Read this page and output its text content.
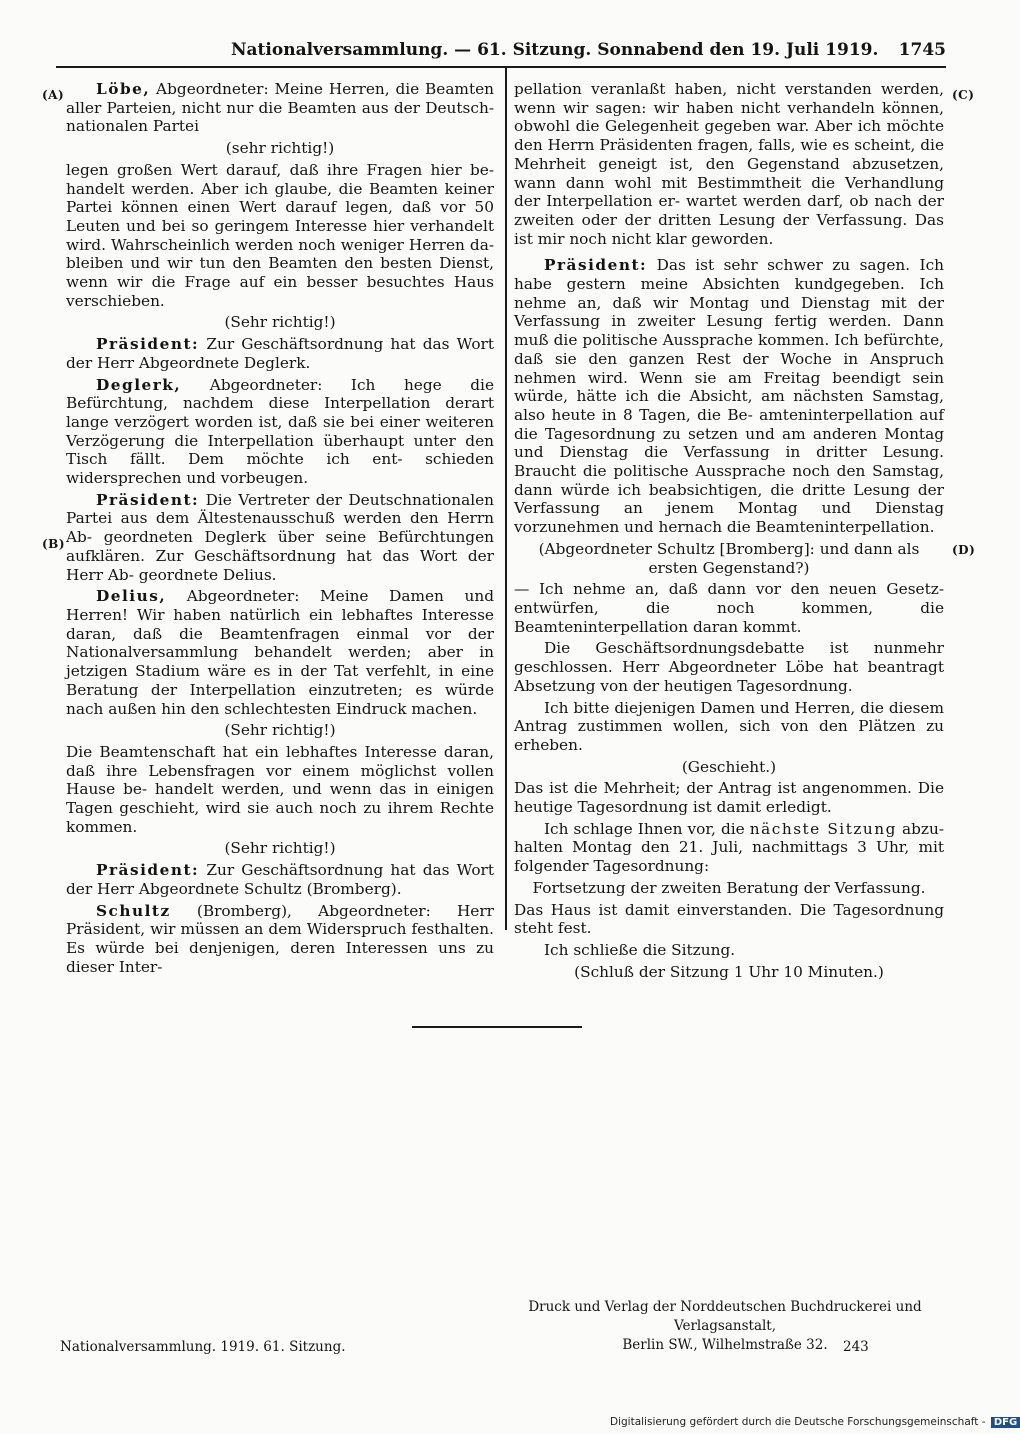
Nationalversammlung. — 61. Sitzung. Sonnabend den 19. Juli 1919. 1745
(A)
(B)
(C)
(D)

Löbe, Abgeordneter: Meine Herren, die Beamten aller Parteien, nicht nur die Beamten aus der Deutsch- nationalen Partei

(sehr richtig!)

legen großen Wert darauf, daß ihre Fragen hier be- handelt werden. Aber ich glaube, die Beamten keiner Partei können einen Wert darauf legen, daß vor 50 Leuten und bei so geringem Interesse hier verhandelt wird. Wahrscheinlich werden noch weniger Herren da- bleiben und wir tun den Beamten den besten Dienst, wenn wir die Frage auf ein besser besuchtes Haus verschieben.

(Sehr richtig!)

Präsident: Zur Geschäftsordnung hat das Wort der Herr Abgeordnete Deglerk.

Deglerk, Abgeordneter: Ich hege die Befürchtung, nachdem diese Interpellation derart lange verzögert worden ist, daß sie bei einer weiteren Verzögerung die Interpellation überhaupt unter den Tisch fällt. Dem möchte ich ent- schieden widersprechen und vorbeugen.

Präsident: Die Vertreter der Deutschnationalen Partei aus dem Ältestenausschuß werden den Herrn Ab- geordneten Deglerk über seine Befürchtungen aufklären. Zur Geschäftsordnung hat das Wort der Herr Ab- geordnete Delius.

Delius, Abgeordneter: Meine Damen und Herren! Wir haben natürlich ein lebhaftes Interesse daran, daß die Beamtenfragen einmal vor der Nationalversammlung behandelt werden; aber in jetzigen Stadium wäre es in der Tat verfehlt, in eine Beratung der Interpellation einzutreten; es würde nach außen hin den schlechtesten Eindruck machen.

(Sehr richtig!)

Die Beamtenschaft hat ein lebhaftes Interesse daran, daß ihre Lebensfragen vor einem möglichst vollen Hause be- handelt werden, und wenn das in einigen Tagen geschieht, wird sie auch noch zu ihrem Rechte kommen.

(Sehr richtig!)

Präsident: Zur Geschäftsordnung hat das Wort der Herr Abgeordnete Schultz (Bromberg).

Schultz (Bromberg), Abgeordneter: Herr Präsident, wir müssen an dem Widerspruch festhalten. Es würde bei denjenigen, deren Interessen uns zu dieser Inter-

pellation veranlaßt haben, nicht verstanden werden, wenn wir sagen: wir haben nicht verhandeln können, obwohl die Gelegenheit gegeben war. Aber ich möchte den Herrn Präsidenten fragen, falls, wie es scheint, die Mehrheit geneigt ist, den Gegenstand abzusetzen, wann dann wohl mit Bestimmtheit die Verhandlung der Interpellation er- wartet werden darf, ob nach der zweiten oder der dritten Lesung der Verfassung. Das ist mir noch nicht klar geworden.

Präsident: Das ist sehr schwer zu sagen. Ich habe gestern meine Absichten kundgegeben. Ich nehme an, daß wir Montag und Dienstag mit der Verfassung in zweiter Lesung fertig werden. Dann muß die politische Aussprache kommen. Ich befürchte, daß sie den ganzen Rest der Woche in Anspruch nehmen wird. Wenn sie am Freitag beendigt sein würde, hätte ich die Absicht, am nächsten Samstag, also heute in 8 Tagen, die Be- amteninterpellation auf die Tagesordnung zu setzen und am anderen Montag und Dienstag die Verfassung in dritter Lesung. Braucht die politische Aussprache noch den Samstag, dann würde ich beabsichtigen, die dritte Lesung der Verfassung an jenem Montag und Dienstag vorzunehmen und hernach die Beamteninterpellation.

(Abgeordneter Schultz [Bromberg]: und dann als ersten Gegenstand?)

— Ich nehme an, daß dann vor den neuen Gesetz- entwürfen, die noch kommen, die Beamteninterpellation daran kommt.

Die Geschäftsordnungsdebatte ist nunmehr geschlossen. Herr Abgeordneter Löbe hat beantragt Absetzung von der heutigen Tagesordnung.

Ich bitte diejenigen Damen und Herren, die diesem Antrag zustimmen wollen, sich von den Plätzen zu erheben.

(Geschieht.)

Das ist die Mehrheit; der Antrag ist angenommen. Die heutige Tagesordnung ist damit erledigt.

Ich schlage Ihnen vor, die nächste Sitzung abzu- halten Montag den 21. Juli, nachmittags 3 Uhr, mit folgender Tagesordnung:

Fortsetzung der zweiten Beratung der Verfassung.

Das Haus ist damit einverstanden. Die Tagesordnung steht fest.

Ich schließe die Sitzung.

(Schluß der Sitzung 1 Uhr 10 Minuten.)
Druck und Verlag der Norddeutschen Buchdruckerei und Verlagsanstalt,
Berlin SW., Wilhelmstraße 32.
Nationalversammlung. 1919. 61. Sitzung.	243
Digitalisierung gefördert durch die Deutsche Forschungsgemeinschaft - DFG
